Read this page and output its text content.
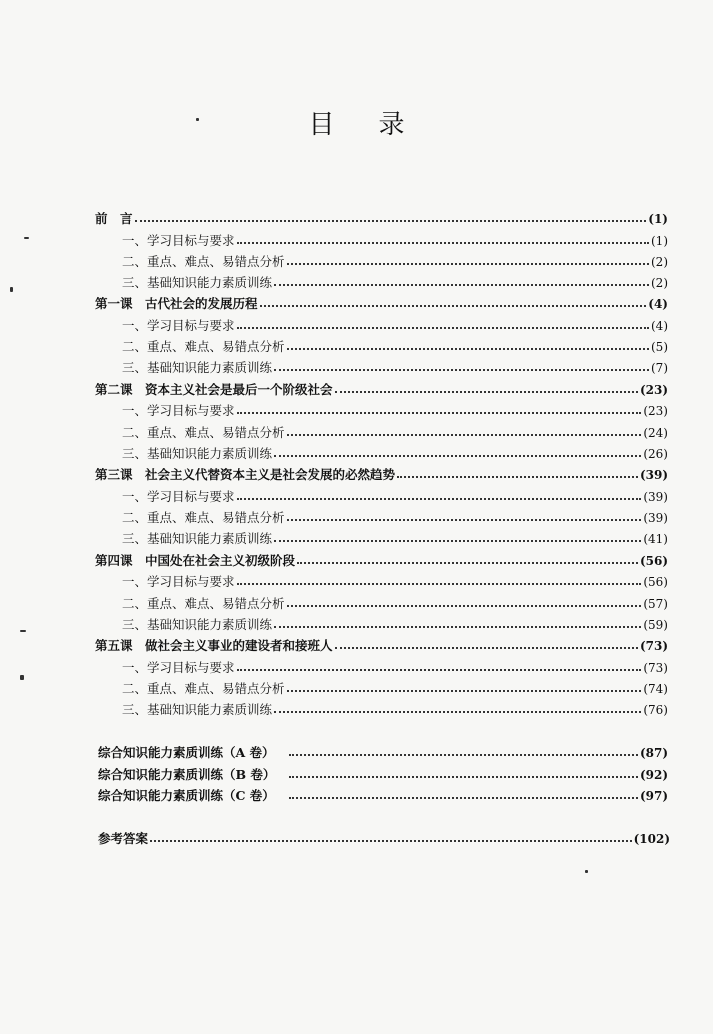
目 录
前　言	(1)
一、学习目标与要求	(1)
二、重点、难点、易错点分析	(2)
三、基础知识能力素质训练	(2)
第一课　古代社会的发展历程	(4)
一、学习目标与要求	(4)
二、重点、难点、易错点分析	(5)
三、基础知识能力素质训练	(7)
第二课　资本主义社会是最后一个阶级社会	(23)
一、学习目标与要求	(23)
二、重点、难点、易错点分析	(24)
三、基础知识能力素质训练	(26)
第三课　社会主义代替资本主义是社会发展的必然趋势	(39)
一、学习目标与要求	(39)
二、重点、难点、易错点分析	(39)
三、基础知识能力素质训练	(41)
第四课　中国处在社会主义初级阶段	(56)
一、学习目标与要求	(56)
二、重点、难点、易错点分析	(57)
三、基础知识能力素质训练	(59)
第五课　做社会主义事业的建设者和接班人	(73)
一、学习目标与要求	(73)
二、重点、难点、易错点分析	(74)
三、基础知识能力素质训练	(76)
综合知识能力素质训练（A 卷）	(87)
综合知识能力素质训练（B 卷）	(92)
综合知识能力素质训练（C 卷）	(97)
参考答案	(102)
